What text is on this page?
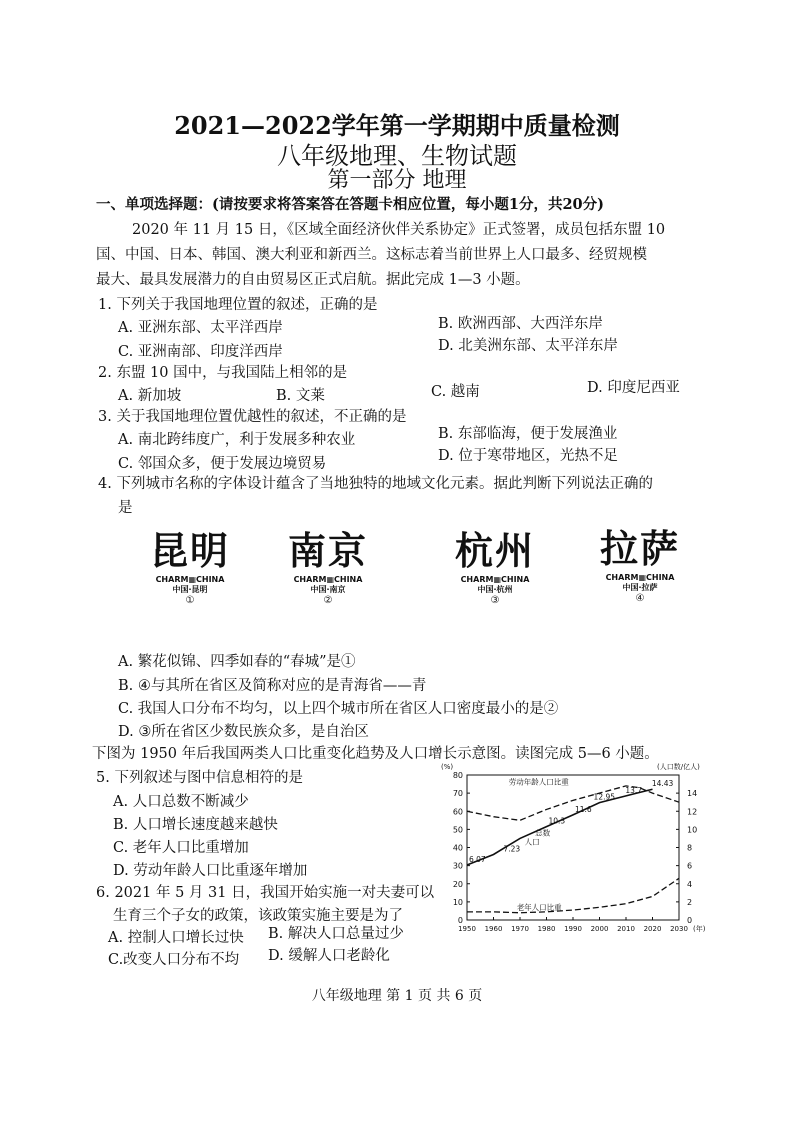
2021—2022学年第一学期期中质量检测
八年级地理、生物试题
第一部分 地理
一、单项选择题：(请按要求将答案答在答题卡相应位置，每小题1分，共20分)
2020 年 11 月 15 日，《区域全面经济伙伴关系协定》正式签署，成员包括东盟 10
国、中国、日本、韩国、澳大利亚和新西兰。这标志着当前世界上人口最多、经贸规模
最大、最具发展潜力的自由贸易区正式启航。据此完成 1—3 小题。
1. 下列关于我国地理位置的叙述，正确的是
A. 亚洲东部、太平洋西岸	B. 欧洲西部、大西洋东岸
C. 亚洲南部、印度洋西岸	D. 北美洲东部、太平洋东岸
2. 东盟 10 国中，与我国陆上相邻的是
A. 新加坡	B. 文莱	C. 越南	D. 印度尼西亚
3. 关于我国地理位置优越性的叙述，不正确的是
A. 南北跨纬度广，利于发展多种农业	B. 东部临海，便于发展渔业
C. 邻国众多，便于发展边境贸易	D. 位于寒带地区，光热不足
4. 下列城市名称的字体设计蕴含了当地独特的地域文化元素。据此判断下列说法正确的
是
昆明
CHARM▦CHINA
中国·昆明
①
南京
CHARM▦CHINA
中国·南京
②
杭州
CHARM▦CHINA
中国·杭州
③
拉萨
CHARM▦CHINA
中国·拉萨
④
A. 繁花似锦、四季如春的“春城”是①
B. ④与其所在省区及简称对应的是青海省——青
C. 我国人口分布不均匀，以上四个城市所在省区人口密度最小的是②
D. ③所在省区少数民族众多，是自治区
下图为 1950 年后我国两类人口比重变化趋势及人口增长示意图。读图完成 5—6 小题。
5. 下列叙述与图中信息相符的是
A. 人口总数不断减少
B. 人口增长速度越来越快
C. 老年人口比重增加
D. 劳动年龄人口比重逐年增加
6. 2021 年 5 月 31 日，我国开始实施一对夫妻可以
生育三个子女的政策，该政策实施主要是为了
A. 控制人口增长过快 B. 解决人口总量过少
C.改变人口分布不均 D. 缓解人口老龄化
0
10
20
30
40
50
60
70
80
0
2
4
6
8
10
12
14
1950 1960 1970 1980 1990 2000 2010 2020 2030 (年)
(%)	(人口数/亿人)
6.07
7.23
人口
总数
10.3
11.6
12.95
13.7
14.43
劳动年龄人口比重
老年人口比重
八年级地理 第 1 页 共 6 页
